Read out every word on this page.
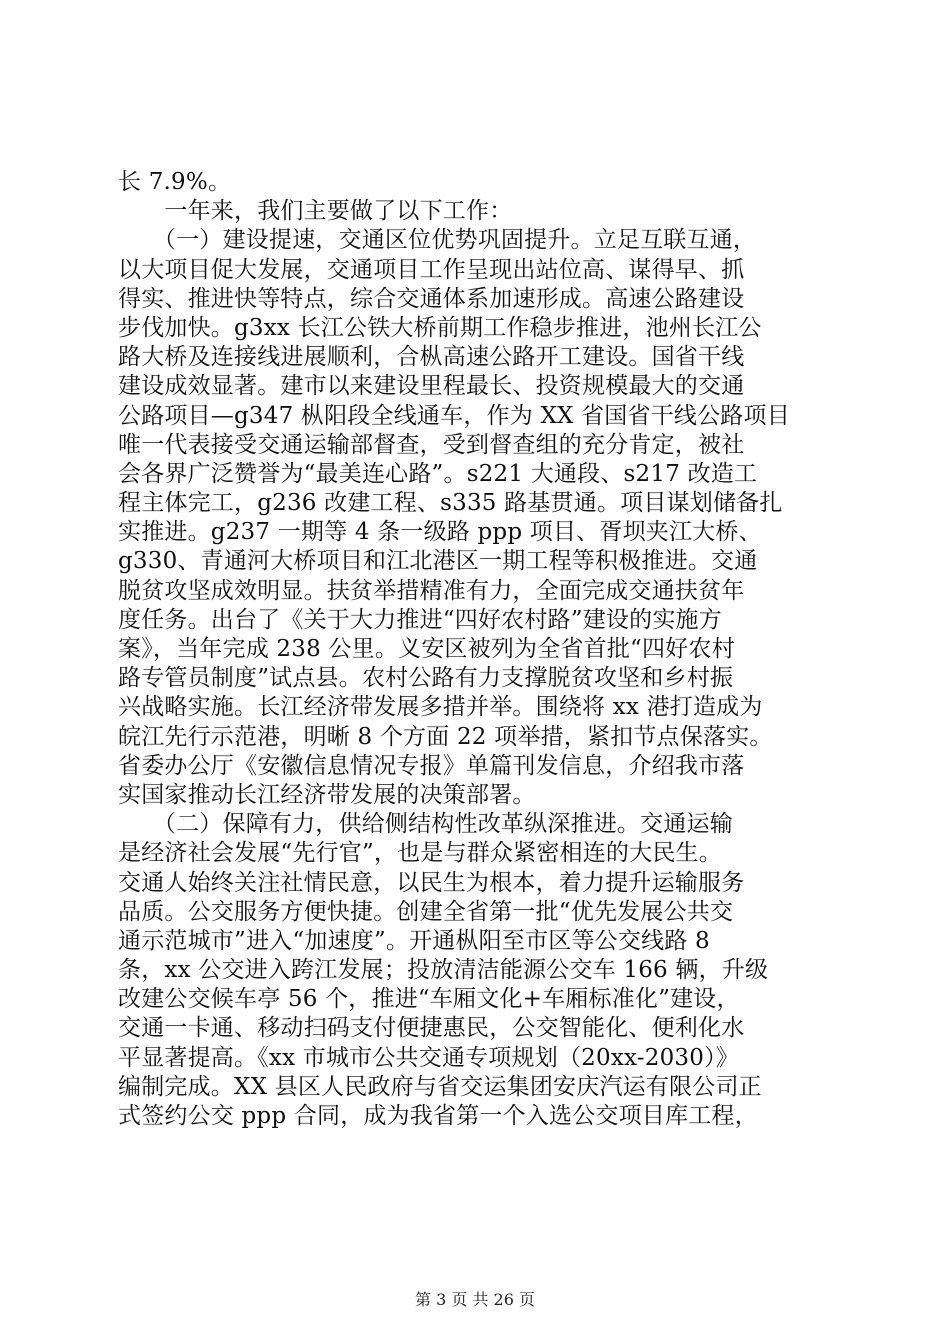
长 7.9%。
　　一年来，我们主要做了以下工作：
　　（一）建设提速，交通区位优势巩固提升。立足互联互通，
以大项目促大发展，交通项目工作呈现出站位高、谋得早、抓
得实、推进快等特点，综合交通体系加速形成。高速公路建设
步伐加快。g3xx 长江公铁大桥前期工作稳步推进，池州长江公
路大桥及连接线进展顺利，合枞高速公路开工建设。国省干线
建设成效显著。建市以来建设里程最长、投资规模最大的交通
公路项目—g347 枞阳段全线通车，作为 XX 省国省干线公路项目
唯一代表接受交通运输部督查，受到督查组的充分肯定，被社
会各界广泛赞誉为“最美连心路”。s221 大通段、s217 改造工
程主体完工，g236 改建工程、s335 路基贯通。项目谋划储备扎
实推进。g237 一期等 4 条一级路 ppp 项目、胥坝夹江大桥、
g330、青通河大桥项目和江北港区一期工程等积极推进。交通
脱贫攻坚成效明显。扶贫举措精准有力，全面完成交通扶贫年
度任务。出台了《关于大力推进“四好农村路”建设的实施方
案》，当年完成 238 公里。义安区被列为全省首批“四好农村
路专管员制度”试点县。农村公路有力支撑脱贫攻坚和乡村振
兴战略实施。长江经济带发展多措并举。围绕将 xx 港打造成为
皖江先行示范港，明晰 8 个方面 22 项举措，紧扣节点保落实。
省委办公厅《安徽信息情况专报》单篇刊发信息，介绍我市落
实国家推动长江经济带发展的决策部署。
　　（二）保障有力，供给侧结构性改革纵深推进。交通运输
是经济社会发展“先行官”，也是与群众紧密相连的大民生。
交通人始终关注社情民意，以民生为根本，着力提升运输服务
品质。公交服务方便快捷。创建全省第一批“优先发展公共交
通示范城市”进入“加速度”。开通枞阳至市区等公交线路 8
条，xx 公交进入跨江发展；投放清洁能源公交车 166 辆，升级
改建公交候车亭 56 个，推进“车厢文化+车厢标准化”建设，
交通一卡通、移动扫码支付便捷惠民，公交智能化、便利化水
平显著提高。《xx 市城市公共交通专项规划（20xx-2030）》
编制完成。XX 县区人民政府与省交运集团安庆汽运有限公司正
式签约公交 ppp 合同，成为我省第一个入选公交项目库工程，
第 3 页 共 26 页
